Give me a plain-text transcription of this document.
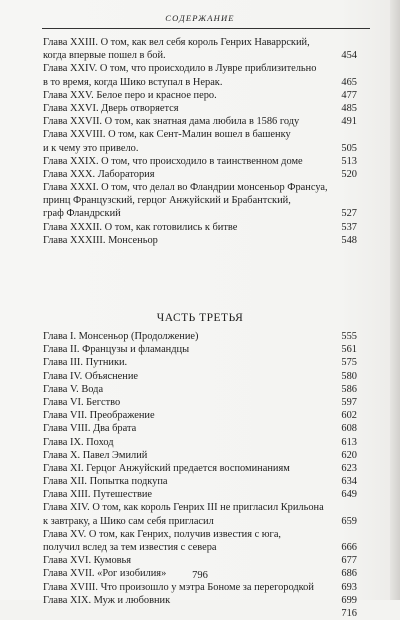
СОДЕРЖАНИЕ
Глава XXIII. О том, как вел себя король Генрих Наваррский,
когда впервые пошел в бой.	454
Глава XXIV. О том, что происходило в Лувре приблизительно
в то время, когда Шико вступал в Нерак.	465
Глава XXV. Белое перо и красное перо.	477
Глава XXVI. Дверь отворяется	485
Глава XXVII. О том, как знатная дама любила в 1586 году	491
Глава XXVIII. О том, как Сент-Малин вошел в башенку
и к чему это привело.	505
Глава XXIX. О том, что происходило в таинственном доме	513
Глава XXX. Лаборатория	520
Глава XXXI. О том, что делал во Фландрии монсеньор Франсуа,
принц Французский, герцог Анжуйский и Брабантский,
граф Фландрский	527
Глава XXXII. О том, как готовились к битве	537
Глава XXXIII. Монсеньор	548
ЧАСТЬ ТРЕТЬЯ
Глава I. Монсеньор (Продолжение)	555
Глава II. Французы и фламандцы	561
Глава III. Путники.	575
Глава IV. Объяснение	580
Глава V. Вода	586
Глава VI. Бегство	597
Глава VII. Преображение	602
Глава VIII. Два брата	608
Глава IX. Поход	613
Глава X. Павел Эмилий	620
Глава XI. Герцог Анжуйский предается воспоминаниям	623
Глава XII. Попытка подкупа	634
Глава XIII. Путешествие	649
Глава XIV. О том, как король Генрих III не пригласил Крильона
к завтраку, а Шико сам себя пригласил	659
Глава XV. О том, как Генрих, получив известия с юга,
получил вслед за тем известия с севера	666
Глава XVI. Кумовья	677
Глава XVII. «Рог изобилия»	686
Глава XVIII. Что произошло у мэтра Бономе за перегородкой	693
Глава XIX. Муж и любовник	699
716
796
